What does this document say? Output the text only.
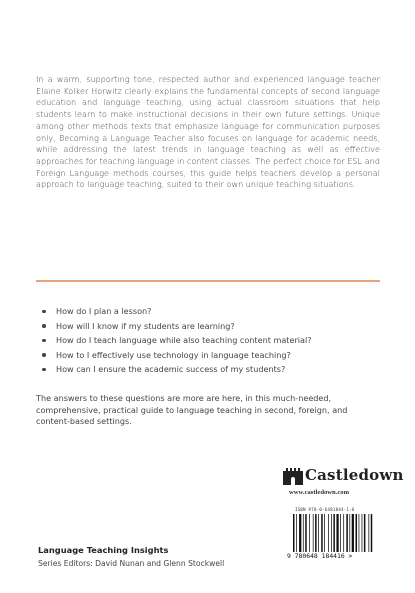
In a warm, supporting tone, respected author and experienced language teacher Elaine Kolker Horwitz clearly explains the fundamental concepts of second language education and language teaching, using actual classroom situations that help students learn to make instructional decisions in their own future settings. Unique among other methods texts that emphasize language for communication purposes only, Becoming a Language Teacher also focuses on language for academic needs, while addressing the latest trends in language teaching as well as effective approaches for teaching language in content classes. The perfect choice for ESL and Foreign Language methods courses, this guide helps teachers develop a personal approach to language teaching, suited to their own unique teaching situations.

How do I plan a lesson?
How will I know if my students are learning?
How do I teach language while also teaching content material?
How to I effectively use technology in language teaching?
How can I ensure the academic success of my students?

The answers to these questions are more are here, in this much-needed, comprehensive, practical guide to language teaching in second, foreign, and content-based settings.

Castledown
www.castledown.com
ISBN 978-0-6481844-1-6
9 780648 184416 >
Language Teaching Insights
Series Editors: David Nunan and Glenn Stockwell
